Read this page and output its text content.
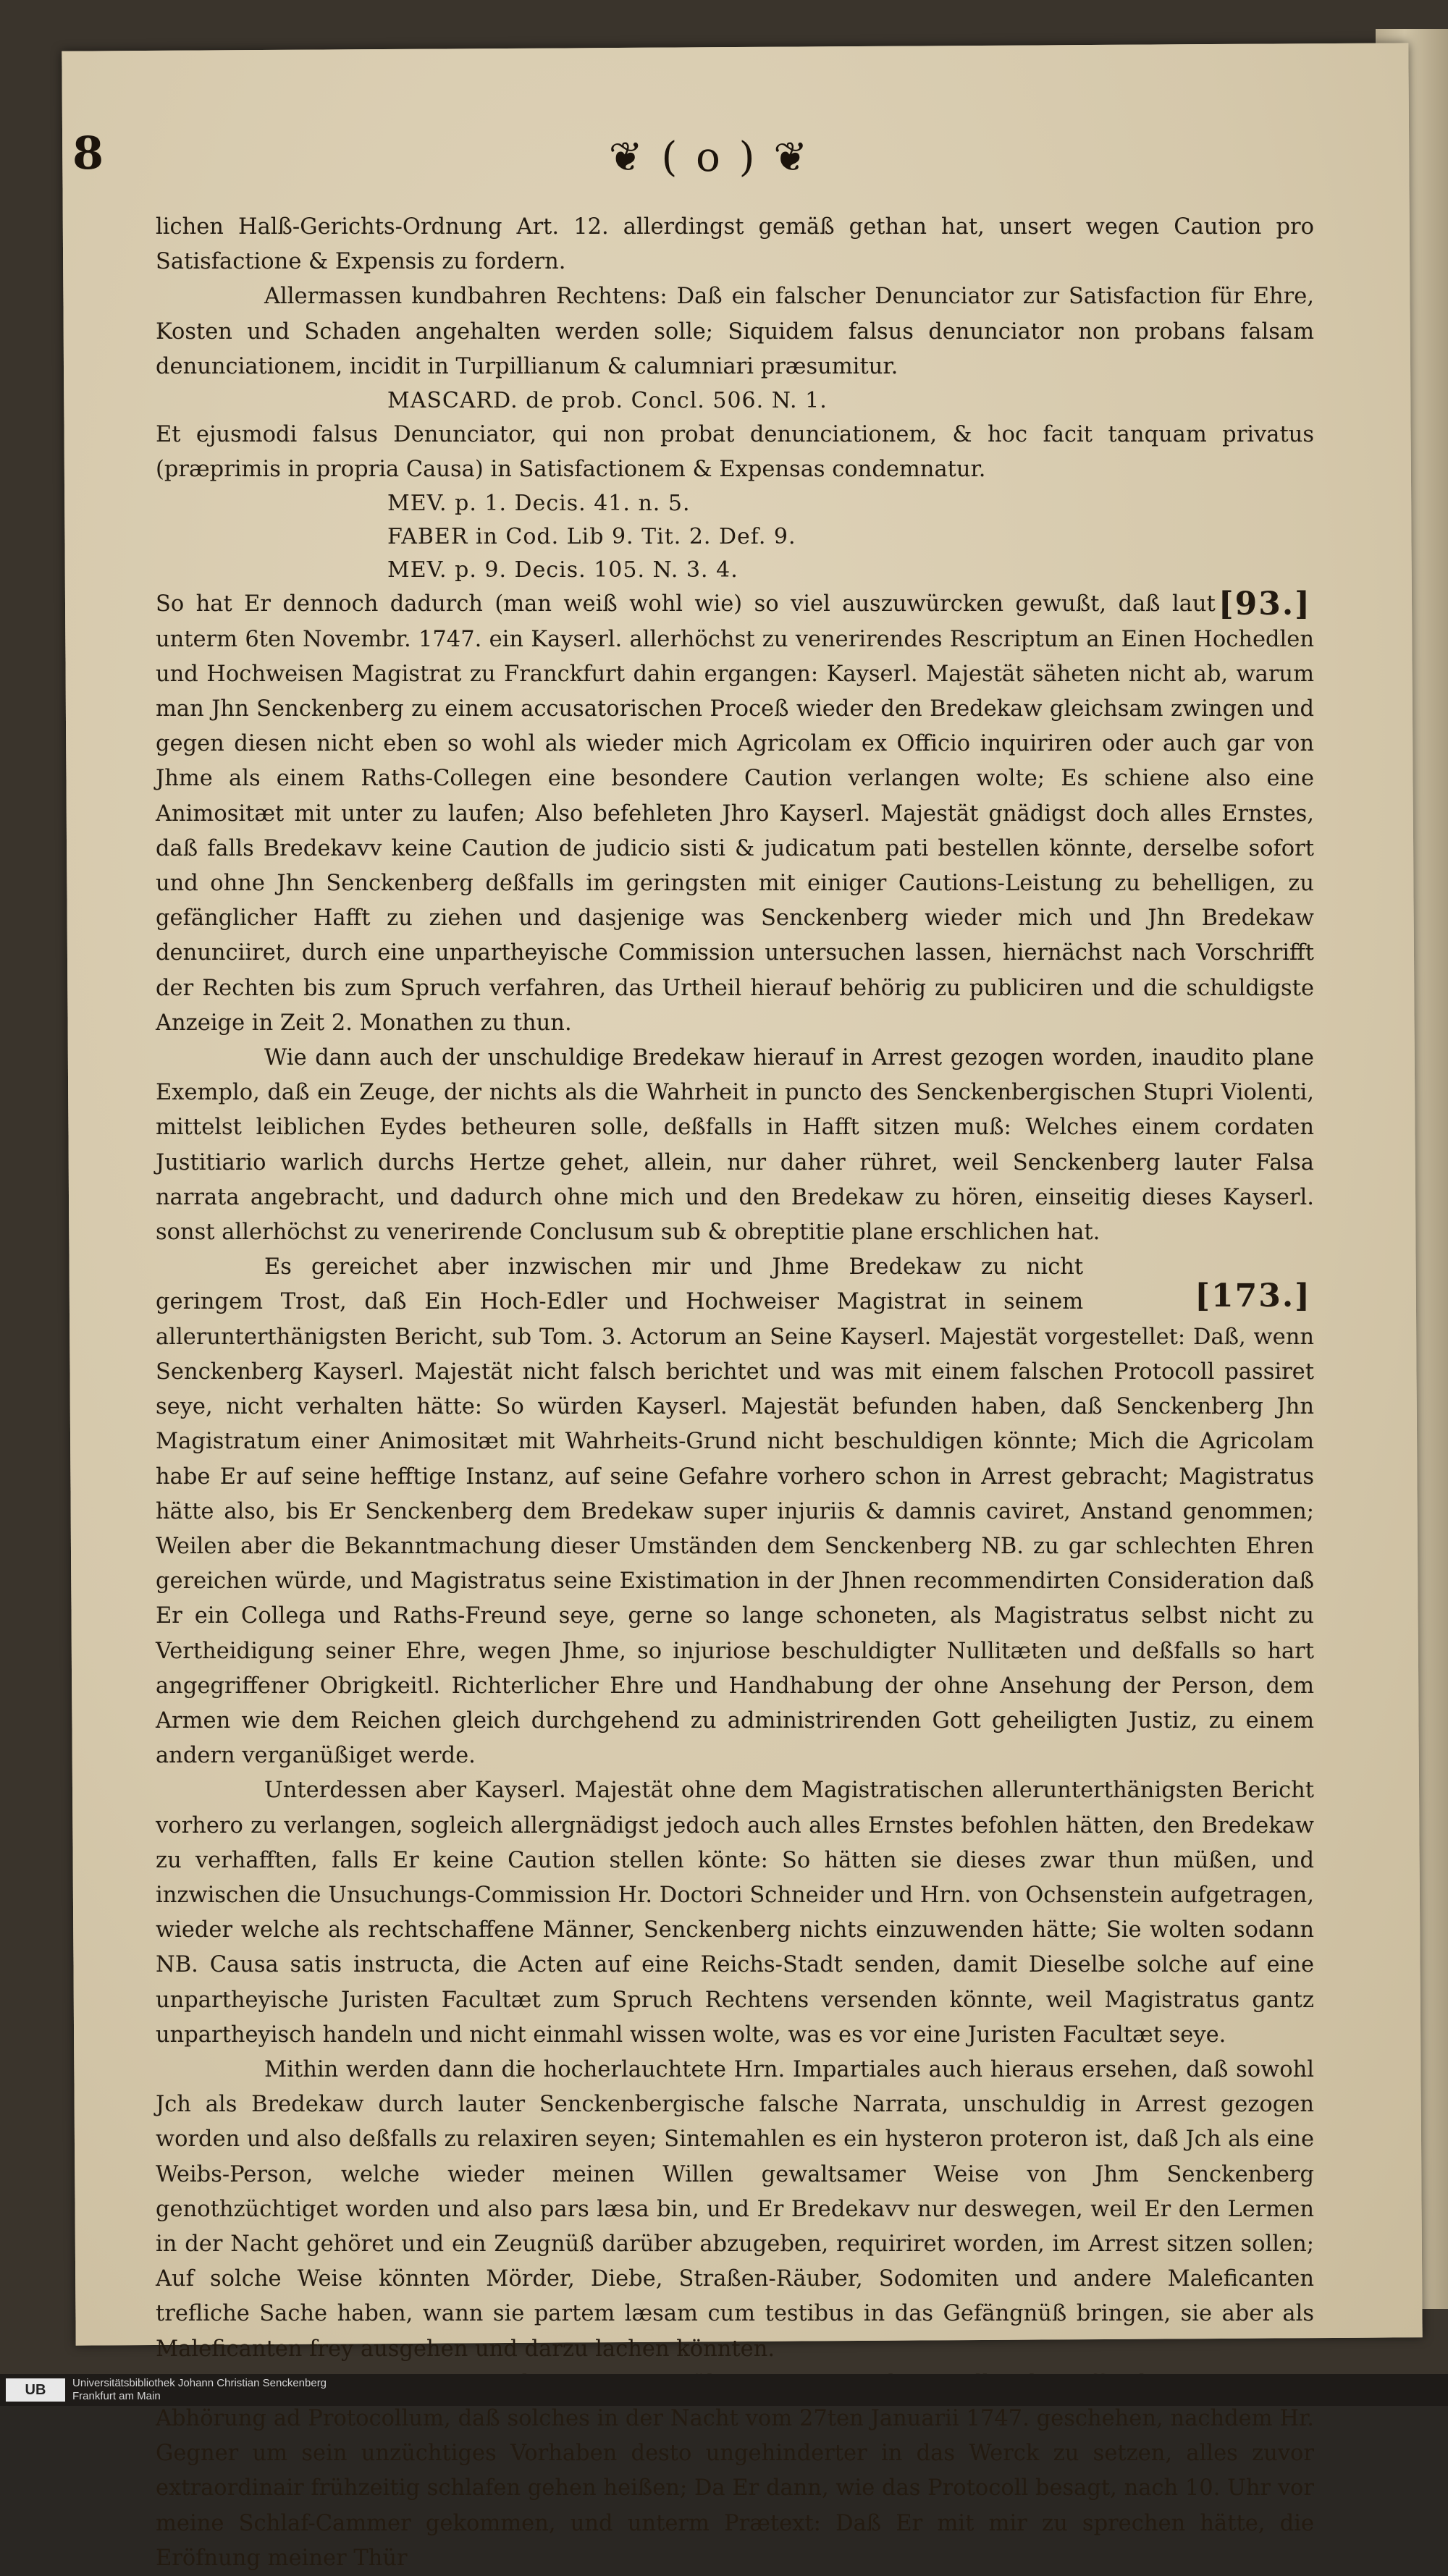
8	❦ ( o ) ❦

lichen Halß-Gerichts-Ordnung Art. 12. allerdingst gemäß gethan hat, unsert wegen Caution pro Satisfactione & Expensis zu fordern.

Allermassen kundbahren Rechtens: Daß ein falscher Denunciator zur Satisfaction für Ehre, Kosten und Schaden angehalten werden solle; Siquidem falsus denunciator non probans falsam denunciationem, incidit in Turpillianum & calumniari præsumitur.

MASCARD. de prob. Concl. 506. N. 1.

Et ejusmodi falsus Denunciator, qui non probat denunciationem, & hoc facit tanquam privatus (præprimis in propria Causa) in Satisfactionem & Expensas condemnatur.

MEV. p. 1. Decis. 41. n. 5.

FABER in Cod. Lib 9. Tit. 2. Def. 9.

MEV. p. 9. Decis. 105. N. 3. 4.

[93.]
So hat Er dennoch dadurch (man weiß wohl wie) so viel auszuwürcken gewußt, daß laut unterm 6ten Novembr. 1747. ein Kayserl. allerhöchst zu venerirendes Rescriptum an Einen Hochedlen und Hochweisen Magistrat zu Franckfurt dahin ergangen: Kayserl. Majestät säheten nicht ab, warum man Jhn Senckenberg zu einem accusatorischen Proceß wieder den Bredekaw gleichsam zwingen und gegen diesen nicht eben so wohl als wieder mich Agricolam ex Officio inquiriren oder auch gar von Jhme als einem Raths-Collegen eine besondere Caution verlangen wolte; Es schiene also eine Animositæt mit unter zu laufen; Also befehleten Jhro Kayserl. Majestät gnädigst doch alles Ernstes, daß falls Bredekavv keine Caution de judicio sisti & judicatum pati bestellen könnte, derselbe sofort und ohne Jhn Senckenberg deßfalls im geringsten mit einiger Cautions-Leistung zu behelligen, zu gefänglicher Hafft zu ziehen und dasjenige was Senckenberg wieder mich und Jhn Bredekaw denunciiret, durch eine unpartheyische Commission untersuchen lassen, hiernächst nach Vorschrifft der Rechten bis zum Spruch verfahren, das Urtheil hierauf behörig zu publiciren und die schuldigste Anzeige in Zeit 2. Monathen zu thun.

Wie dann auch der unschuldige Bredekaw hierauf in Arrest gezogen worden, inaudito plane Exemplo, daß ein Zeuge, der nichts als die Wahrheit in puncto des Senckenbergischen Stupri Violenti, mittelst leiblichen Eydes betheuren solle, deßfalls in Hafft sitzen muß: Welches einem cordaten Justitiario warlich durchs Hertze gehet, allein, nur daher rühret, weil Senckenberg lauter Falsa narrata angebracht, und dadurch ohne mich und den Bredekaw zu hören, einseitig dieses Kayserl. sonst allerhöchst zu venerirende Conclusum sub & obreptitie plane erschlichen hat.

[173.]
Es gereichet aber inzwischen mir und Jhme Bredekaw zu nicht geringem Trost, daß Ein Hoch-Edler und Hochweiser Magistrat in seinem allerunterthänigsten Bericht, sub Tom. 3. Actorum an Seine Kayserl. Majestät vorgestellet: Daß, wenn Senckenberg Kayserl. Majestät nicht falsch berichtet und was mit einem falschen Protocoll passiret seye, nicht verhalten hätte: So würden Kayserl. Majestät befunden haben, daß Senckenberg Jhn Magistratum einer Animositæt mit Wahrheits-Grund nicht beschuldigen könnte; Mich die Agricolam habe Er auf seine hefftige Instanz, auf seine Gefahre vorhero schon in Arrest gebracht; Magistratus hätte also, bis Er Senckenberg dem Bredekaw super injuriis & damnis caviret, Anstand genommen; Weilen aber die Bekanntmachung dieser Umständen dem Senckenberg NB. zu gar schlechten Ehren gereichen würde, und Magistratus seine Existimation in der Jhnen recommendirten Consideration daß Er ein Collega und Raths-Freund seye, gerne so lange schoneten, als Magistratus selbst nicht zu Vertheidigung seiner Ehre, wegen Jhme, so injuriose beschuldigter Nullitæten und deßfalls so hart angegriffener Obrigkeitl. Richterlicher Ehre und Handhabung der ohne Ansehung der Person, dem Armen wie dem Reichen gleich durchgehend zu administrirenden Gott geheiligten Justiz, zu einem andern verganüßiget werde.

Unterdessen aber Kayserl. Majestät ohne dem Magistratischen allerunterthänigsten Bericht vorhero zu verlangen, sogleich allergnädigst jedoch auch alles Ernstes befohlen hätten, den Bredekaw zu verhafften, falls Er keine Caution stellen könte: So hätten sie dieses zwar thun müßen, und inzwischen die Unsuchungs-Commission Hr. Doctori Schneider und Hrn. von Ochsenstein aufgetragen, wieder welche als rechtschaffene Männer, Senckenberg nichts einzuwenden hätte; Sie wolten sodann NB. Causa satis instructa, die Acten auf eine Reichs-Stadt senden, damit Dieselbe solche auf eine unpartheyische Juristen Facultæt zum Spruch Rechtens versenden könnte, weil Magistratus gantz unpartheyisch handeln und nicht einmahl wissen wolte, was es vor eine Juristen Facultæt seye.

Mithin werden dann die hocherlauchtete Hrn. Impartiales auch hieraus ersehen, daß sowohl Jch als Bredekaw durch lauter Senckenbergische falsche Narrata, unschuldig in Arrest gezogen worden und also deßfalls zu relaxiren seyen; Sintemahlen es ein hysteron proteron ist, daß Jch als eine Weibs-Person, welche wieder meinen Willen gewaltsamer Weise von Jhm Senckenberg genothzüchtiget worden und also pars læsa bin, und Er Bredekavv nur deswegen, weil Er den Lermen in der Nacht gehöret und ein Zeugnüß darüber abzugeben, requiriret worden, im Arrest sitzen sollen; Auf solche Weise könnten Mörder, Diebe, Straßen-Räuber, Sodomiten und andere Maleficanten trefliche Sache haben, wann sie partem læsam cum testibus in das Gefängnüß bringen, sie aber als Maleficanten frey ausgehen und darzu lachen könnten.

Abhörung ad Protocollum, daß solches in der Nacht vom 27ten Januarii 1747. geschehen, nachdem Hr. Gegner um sein unzüchtiges Vorhaben desto ungehinderter in das Werck zu setzen, alles zuvor extraordinair frühzeitig schlafen gehen heißen; Da Er dann, wie das Protocoll besagt, nach 10. Uhr vor meine Schlaf-Cammer gekommen, und unterm Prætext: Daß Er mit mir zu sprechen hätte, die Eröfnung meiner Thür

UB	Universitätsbibliothek Johann Christian Senckenberg
Frankfurt am Main
